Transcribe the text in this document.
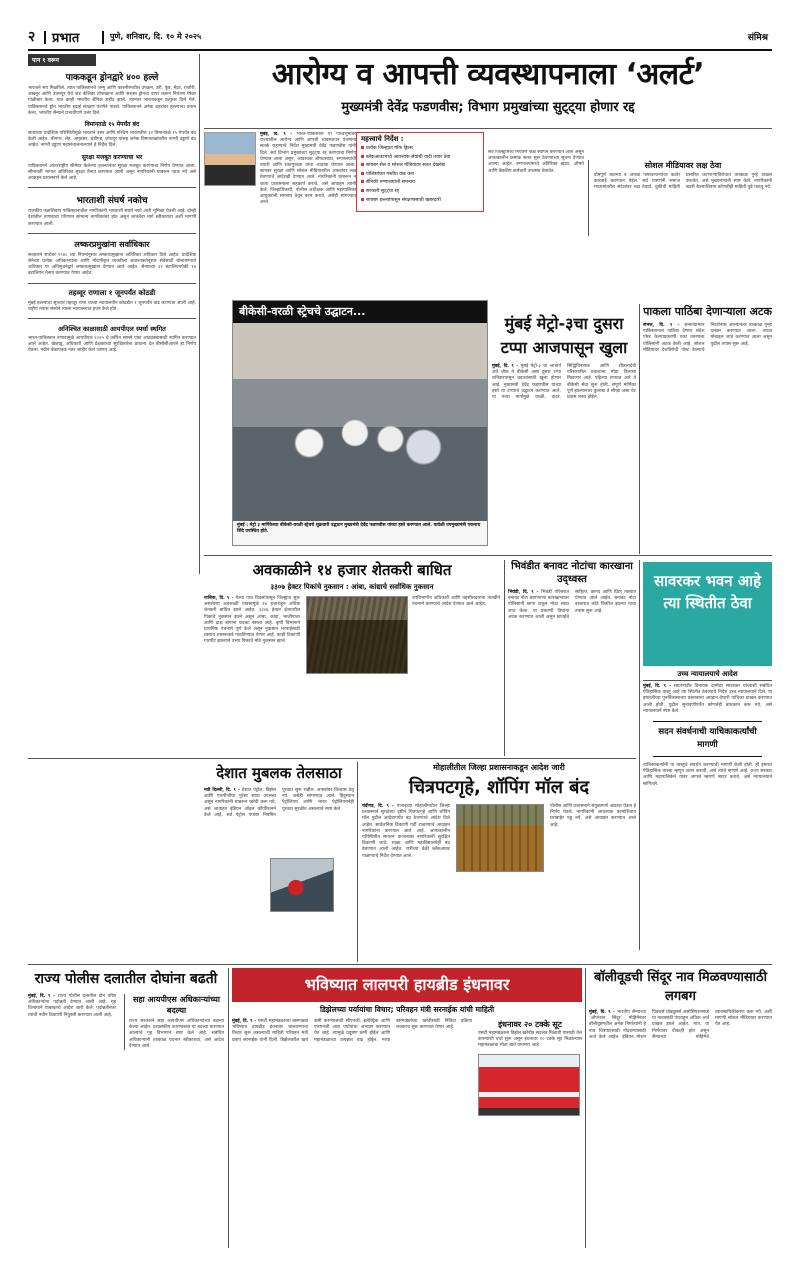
२ प्रभात	पुणे, शनिवार, दि. १० मे २०२५	संमिश्र
पान १ वरून
पाककडून ड्रोनद्वारे ४०० हल्ले

भारताने सय मिळविले. त्यात पाकिस्तानचे जम्मू आणि काश्मीरमधील उपक्रम, उरी, पूंछ, मेंढर, राजौरी, अखनूर आणि उधमपूर येथे जड कॅलिबर तोफखाना आणि सशस्त्र ड्रोनचा वापर करून नियंत्रण रेषेवर गोळीबार केला. यात काही भारतीय सैनिक शहीद झाले. त्यानंतर भारताकडून प्रत्युत्तर दिले गेले. पाकिस्तानचे ड्रोन भारतीय हवाई संरक्षण यंत्रणेने पाडले. पाकिस्तानने अनेक शहरांवर हल्ल्याचा प्रयत्न केला, भारतीय सैन्याने प्रभावीपणे उत्तर दिले.

विमानतळे १५ मेपर्यंत बंद

सध्याच्या प्रादेशिक परिस्थितीमुळे भारताने उत्तर आणि पश्चिम भारतातील ३२ विमानतळे १५ मेपर्यंत बंद केली आहेत. श्रीनगर, लेह, अमृतसर, चंडीगड, जोधपूर यांसह अनेक विमानतळांवरील नागरी उड्डाणे बंद आहेत. नागरी उड्डाण महासंचालनालयाने हे निर्देश दिले.

सुरक्षा मजबूत करण्याचा भर

पाकिस्तानने आंतरराष्ट्रीय सीमेवर केलेल्या हल्ल्यांनंतर सुरक्षा मजबूत करण्याचा निर्णय घेण्यात आला. सीमावर्ती भागात अतिरिक्त सुरक्षा तैनात करण्यात आली असून नागरिकांनी घाबरून जाऊ नये असे आवाहन प्रशासनाने केले आहे.

भारताशी संघर्ष नकोच

राजकीय पक्षांशिवाय पाकिस्तानातील नागरिकांनी भारताशी संघर्ष नको अशी भूमिका घेतली आहे. दोन्ही देशांतील तणावाचा परिणाम सामान्य नागरिकांवर होत असून शांततेचा मार्ग स्वीकारावा अशी मागणी करण्यात आली.

लष्करप्रमुखांना सर्वाधिकार

सरकारने सप्टेंबर १९४८ च्या नियमांनुसार लष्करप्रमुखांना अतिरिक्त अधिकार दिले आहेत. प्रादेशिक सेनेच्या प्रत्येक अधिकाऱ्याला आणि नोंदणीकृत व्यक्तीला आवश्यकतेनुसार सेवेसाठी बोलावण्याचे अधिकार या अधिसूचनेद्वारे लष्करप्रमुखांना देण्यात आले आहेत. सैन्याच्या ३२ बटालियनपैकी १४ बटालियन तैनात करण्यात येणार आहेत.

तहव्वूर राणाला १ जूनपर्यंत कोठडी

मुंबई हल्ल्याचा सूत्रधार तहव्वूर राणा याच्या न्यायालयीन कोठडीत १ जूनपर्यंत वाढ करण्यात आली आहे. राष्ट्रीय तपास संस्थेने त्याला न्यायालयात हजर केले होते.

अनिश्चित काळासाठी आयपीएल स्पर्धा स्थगित

भारत-पाकिस्तान तणावामुळे आयपीएल २०२५ चे उर्वरित सामने एका आठवड्यासाठी स्थगित करण्यात आले आहेत. खेळाडू, अधिकारी आणि प्रेक्षकांच्या सुरक्षिततेला प्राधान्य देत बीसीसीआयने हा निर्णय घेतला. नवीन वेळापत्रक नंतर जाहीर केले जाणार आहे.

आरोग्य व आपत्ती व्यवस्थापनाला ‘अलर्ट’
मुख्यमंत्री देवेंद्र फडणवीस; विभाग प्रमुखांच्या सुट्ट्या होणार रद्द

मुंबई, दि. ९ - भारत-पाकिस्तान या पार्श्वभूमीवर राज्यातील आरोग्य आणि आपत्ती व्यवस्थापन यंत्रणांना सतर्क राहण्याचे निर्देश मुख्यमंत्री देवेंद्र फडणवीस यांनी दिले. सर्व विभाग प्रमुखांच्या सुट्ट्या रद्द करण्याचा निर्णय घेण्यात आला असून, आवश्यक औषधसाठा, रुग्णालयांची तयारी आणि रक्तपुरवठा यांचा आढावा घेण्यात आला. सायबर सुरक्षा आणि सोशल मीडियावरील अफवांवर लक्ष ठेवण्याचे आदेशही देण्यात आले. नागरिकांनी घाबरून न जाता प्रशासनाला सहकार्य करावे, असे आवाहन त्यांनी केले. जिल्हाधिकारी, पोलीस अधीक्षक आणि महापालिका आयुक्तांनी समन्वय ठेवून काम करावे, असेही सांगण्यात आले.

महत्त्वाचे निर्देश :
प्रत्येक जिल्ह्यात मॉक ड्रिल्स
ब्लॅकआउटमध्ये आवश्यक सेवांची यादी तयार ठेवा
सायबर सेल व सोशल मीडियावर सतत देखरेख
पोलिसांच्या गस्तीत वाढ करा
सैनिकी रुग्णालयांशी समन्वय
सरकारी सुट्ट्या रद्द
सायबर हल्ल्यांपासून संरक्षणासाठी खबरदारी

सर्व जिल्ह्यांमध्ये नियंत्रण कक्ष स्थापन करण्यात आले असून आपत्कालीन क्रमांक सतत सुरू ठेवण्याच्या सूचना देण्यात आल्या आहेत. रुग्णालयांमध्ये अतिरिक्त खाटा, औषधे आणि वैद्यकीय कर्मचारी उपलब्ध ठेवावेत.

सोशल मीडियावर लक्ष ठेवा

दोषपूर्ण बातम्या व अफवा पसरवणाऱ्यांवर कठोर कारवाई करण्यात येईल. सर्व यंत्रणांनी समाज माध्यमांवरील संदेशांवर लक्ष ठेवावे. चुकीची माहिती प्रसारित करणाऱ्यांविरोधात तात्काळ गुन्हे दाखल करावेत, असे मुख्यमंत्र्यांनी स्पष्ट केले. नागरिकांनी खात्री केल्याशिवाय कोणतीही माहिती पुढे पाठवू नये.

बीकेसी-वरळी स्ट्रेचचे उद्घाटन...

मुंबई : मेट्रो ३ मार्गिकेच्या बीकेसी-वरळी स्ट्रेचचे शुक्रवारी उद्घाटन मुख्यमंत्री देवेंद्र फडणवीस यांच्या हस्ते करण्यात आले. यावेळी उपमुख्यमंत्री एकनाथ शिंदे उपस्थित होते.

मुंबई मेट्रो-३चा दुसरा टप्पा आजपासून खुला

मुंबई, दि. ९ - मुंबई मेट्रो-३ चा आचार्य अत्रे चौक ते बीकेसी असा दुसरा टप्पा शनिवारपासून प्रवाशांसाठी खुला होणार आहे. मुख्यमंत्री देवेंद्र फडणवीस यांच्या हस्ते या टप्प्याचे उद्घाटन करण्यात आले. या नव्या मार्गामुळे वरळी, दादर, सिद्धिविनायक आणि शीतलादेवी परिसरातील प्रवाशांना मोठा दिलासा मिळणार आहे. पहिल्या टप्प्यात आरे ते बीकेसी सेवा सुरू होती. संपूर्ण मार्गिका पूर्ण झाल्यानंतर कुलाबा ते सीप्झ असा थेट प्रवास शक्य होईल.

पाकला पाठिंबा देणाऱ्याला अटक

संभल, दि. ९ - इन्स्टाग्रामवर पाकिस्तानला पाठिंबा देणारा संदेश पोस्ट केल्याप्रकरणी एका तरुणाला पोलिसांनी अटक केली आहे. सोशल मीडियावर देशविरोधी पोस्ट केल्याचे निदर्शनास आल्यानंतर तात्काळ गुन्हा दाखल करण्यात आला. त्याचा मोबाइल जप्त करण्यात आला असून पुढील तपास सुरू आहे.

अवकाळीने १४ हजार शेतकरी बाधित

३३०७ हेक्टर पिकांचे नुकसान : आंबा, कांद्याचे सर्वाधिक नुकसान

नाशिक, दि. ९ - गेल्या पाच दिवसांपासून जिल्ह्यात सुरू असलेल्या अवकाळी पावसामुळे १४ हजारांहून अधिक शेतकरी बाधित झाले आहेत. ३३०७ हेक्टर क्षेत्रावरील पिकांचे नुकसान झाले असून आंबा, कांदा, भाजीपाला आणि द्राक्ष बागांना फटका बसला आहे. कृषी विभागाने प्राथमिक पंचनामे पूर्ण केले असून नुकसान भरपाईसाठी प्रस्ताव शासनाकडे पाठविण्यात येणार आहे. काही ठिकाणी गारपीट झाल्याने उभ्या पिकांचे मोठे नुकसान झाले.

उपविभागीय अधिकारी आणि तहसीलदारांना तातडीने पंचनामे करण्याचे आदेश देण्यात आले आहेत.

भिवंडीत बनावट नोटांचा कारखाना उद्ध्वस्त

भिवंडी, दि. ९ - भिवंडी परिसरात बनावट नोटा छापणाऱ्या कारखान्यावर पोलिसांनी छापा टाकून मोठा साठा जप्त केला. या प्रकरणी तिघांना अटक करण्यात आली असून छपाईचे साहित्य, कागद आणि प्रिंटर ताब्यात घेण्यात आले आहेत. बनावट नोटा बाजारात कोठे वितरित झाल्या याचा तपास सुरू आहे.

सावरकर भवन आहे त्या स्थितीत ठेवा

उच्च न्यायालयाचे आदेश

मुंबई, दि. ९ - स्वातंत्र्यवीर विनायक दामोदर सावरकर यांच्याशी संबंधित ऐतिहासिक वास्तू आहे त्या स्थितीत ठेवण्याचे निर्देश उच्च न्यायालयाने दिले. या इमारतीच्या पुनर्विकासाच्या प्रस्तावाला आव्हान देणारी याचिका दाखल करण्यात आली होती. पुढील सुनावणीपर्यंत कोणतेही बांधकाम करू नये, असे न्यायालयाने स्पष्ट केले.

सदन संवर्धनाची याचिकाकर्त्यांची मागणी

याचिकाकर्त्यांनी या वास्तूचे संवर्धन करण्याची मागणी केली होती. ही इमारत ऐतिहासिक वारसा म्हणून जतन करावी, असे त्यांचे म्हणणे आहे. राज्य सरकार आणि महापालिकेने यावर आपले म्हणणे सादर करावे, असे न्यायालयाने सांगितले.

देशात मुबलक तेलसाठा

नवी दिल्ली, दि. ९ - देशात पेट्रोल, डिझेल आणि एलपीजीचा पुरेसा साठा उपलब्ध असून नागरिकांनी घाबरून खरेदी करू नये, असे आवाहन इंडियन ऑइल कॉर्पोरेशनने केले आहे. सर्व पेट्रोल पंपांवर नियमित पुरवठा सुरू राहील. अफवांवर विश्वास ठेवू नये, असेही सांगण्यात आले. हिंदुस्थान पेट्रोलियम आणि भारत पेट्रोलियमनेही पुरवठा सुरळीत असल्याचे स्पष्ट केले.

मोहालीतील जिल्हा प्रशासनाकडून आदेश जारी

चित्रपटगृहे, शॉपिंग मॉल बंद

चंदीगड, दि. ९ - पंजाबच्या मोहालीमधील जिल्हा प्रशासनाने सुरक्षेच्या दृष्टीने चित्रपटगृहे आणि शॉपिंग मॉल पुढील आदेशापर्यंत बंद ठेवण्याचे आदेश दिले आहेत. सार्वजनिक ठिकाणी गर्दी टाळण्याचे आवाहन नागरिकांना करण्यात आले आहे. आपत्कालीन परिस्थितीत सायरन वाजल्यास नागरिकांनी सुरक्षित ठिकाणी जावे. शाळा आणि महाविद्यालयेही बंद ठेवण्यात आली आहेत. रात्रीच्या वेळी ब्लॅकआउट पाळण्याचे निर्देश देण्यात आले.

पोलीस आणि प्रशासनाने संयुक्तपणे आढावा घेऊन हे निर्णय घेतले. नागरिकांनी आवश्यक कामांशिवाय घराबाहेर पडू नये, असे आवाहन करण्यात आले आहे.

राज्य पोलीस दलातील दोघांना बढती

मुंबई, दि. ९ - राज्य पोलीस दलातील दोन वरिष्ठ अधिकाऱ्यांना पदोन्नती देण्यात आली आहे. गृह विभागाने याबाबतचे आदेश जारी केले. पदोन्नतीनंतर त्यांची नवीन ठिकाणी नियुक्ती करण्यात आली आहे.

सहा आयपीएस अधिकाऱ्यांच्या बदल्या

राज्य सरकारने सहा आयपीएस अधिकाऱ्यांच्या बदल्या केल्या आहेत. प्रशासकीय कारणास्तव या बदल्या करण्यात आल्याचे गृह विभागाने स्पष्ट केले आहे. संबंधित अधिकाऱ्यांनी तात्काळ पदभार स्वीकारावा, असे आदेश देण्यात आले.

भविष्यात लालपरी हायब्रीड इंधनावर

डिझेलच्या पर्यायांचा विचार; परिवहन मंत्री सरनाईक यांची माहिती

मुंबई, दि. ९ - एसटी महामंडळाच्या बसगाड्या भविष्यात हायब्रीड इंधनावर चालवण्याचा विचार सुरू असल्याची माहिती परिवहन मंत्री प्रताप सरनाईक यांनी दिली. डिझेलवरील खर्च कमी करण्यासाठी सीएनजी, इलेक्ट्रिक आणि एलएनजी अशा पर्यायांचा अभ्यास करण्यात येत आहे. त्यामुळे प्रदूषण कमी होईल आणि महामंडळाच्या उत्पन्नात वाढ होईल. नव्या बसगाड्यांच्या खरेदीसाठी निविदा प्रक्रिया लवकरच सुरू करण्यात येणार आहे.	इंधनावर २० टक्के सूट

एसटी महामंडळाला डिझेल खरेदीत सवलत मिळावी यासाठी तेल कंपन्यांशी चर्चा सुरू असून इंधनावर २० टक्के सूट मिळाल्यास महामंडळाचा मोठा खर्च वाचणार आहे.

बॉलीवूडची सिंदूर नाव मिळवण्यासाठी लगबग

मुंबई, दि. ९ - भारतीय सैन्याच्या ‘ऑपरेशन सिंदूर’ मोहिमेनंतर बॉलीवूडमधील अनेक निर्मात्यांनी हे नाव चित्रपटासाठी नोंदवण्यासाठी अर्ज केले आहेत. इंडियन मोशन पिक्चर्स प्रोड्युसर्स असोसिएशनकडे या नावासाठी पंधराहून अधिक अर्ज दाखल झाले आहेत. मात्र, या निर्णयावर टीकाही होत असून सैन्याच्या मोहिमेचे व्यावसायिकीकरण करू नये, अशी मागणी सोशल मीडियावर करण्यात येत आहे.
